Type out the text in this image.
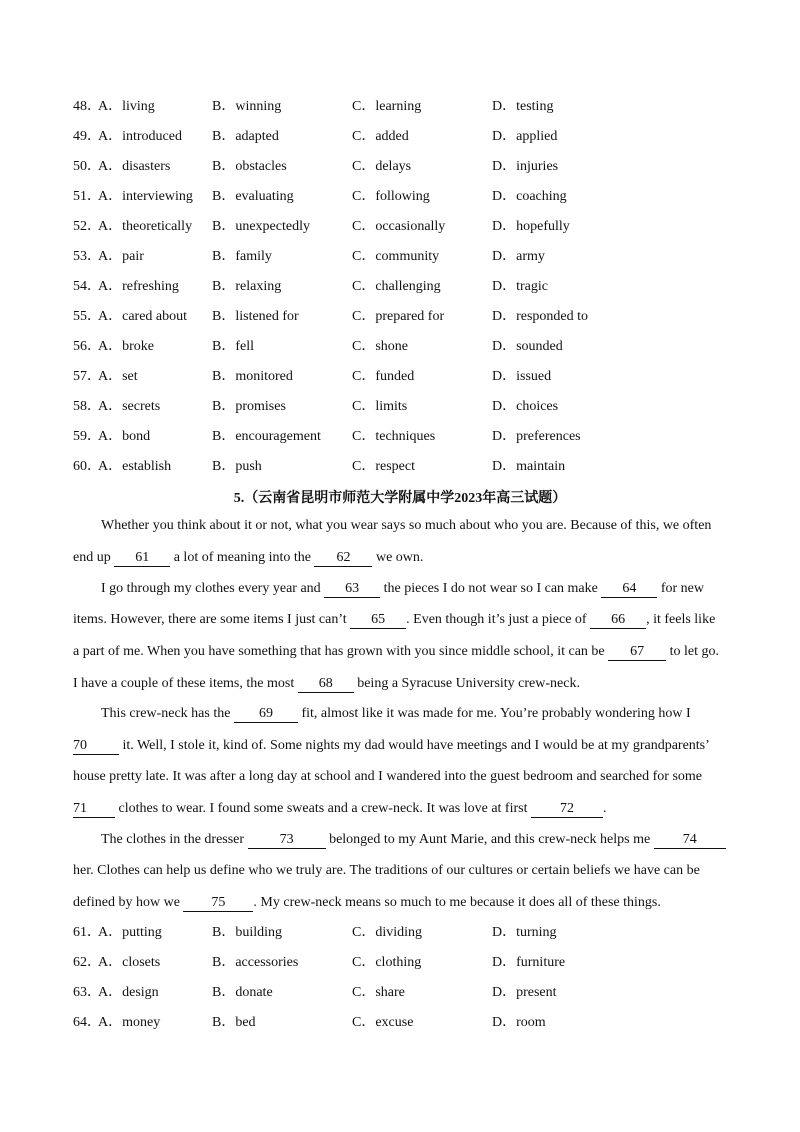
48．
A．living	B．winning	C．learning	D．testing
49．
A．introduced B．adapted	C．added	D．applied
50．
A．disasters	B．obstacles	C．delays	D．injuries
51．
A．interviewing B．evaluating	C．following	D．coaching
52．
A．theoretically B．unexpectedly	C．occasionally	D．hopefully
53．
A．pair	B．family	C．community	D．army
54．
A．refreshing B．relaxing	C．challenging	D．tragic
55．
A．cared about B．listened for	C．prepared for	D．responded to
56．
A．broke	B．fell	C．shone	D．sounded
57．
A．set	B．monitored	C．funded	D．issued
58．
A．secrets	B．promises	C．limits	D．choices
59．
A．bond	B．encouragement C．techniques	D．preferences
60．
A．establish	B．push	C．respect	D．maintain
5.（云南省昆明市师范大学附属中学2023年高三试题）
Whether you think about it or not, what you wear says so much about who you are. Because of this, we often
end up 61 a lot of meaning into the 62 we own.
I go through my clothes every year and 63 the pieces I do not wear so I can make 64 for new
items. However, there are some items I just can’t 65 . Even though it’s just a piece of 66 , it feels like
a part of me. When you have something that has grown with you since middle school, it can be 67 to let go.
I have a couple of these items, the most 68 being a Syracuse University crew-neck.
This crew-neck has the 69 fit, almost like it was made for me. You’re probably wondering how I
70 it. Well, I stole it, kind of. Some nights my dad would have meetings and I would be at my grandparents’
house pretty late. It was after a long day at school and I wandered into the guest bedroom and searched for some
71 clothes to wear. I found some sweats and a crew-neck. It was love at first 72 .
The clothes in the dresser 73 belonged to my Aunt Marie, and this crew-neck helps me 74
her. Clothes can help us define who we truly are. The traditions of our cultures or certain beliefs we have can be
defined by how we 75 . My crew-neck means so much to me because it does all of these things.
61．
A．putting	B．building	C．dividing	D．turning
62．
A．closets	B．accessories	C．clothing	D．furniture
63．
A．design	B．donate	C．share	D．present
64．
A．money	B．bed	C．excuse	D．room
